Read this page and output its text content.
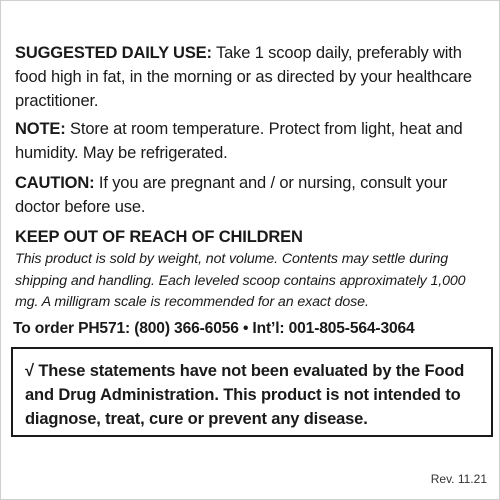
SUGGESTED DAILY USE: Take 1 scoop daily, preferably with food high in fat, in the morning or as directed by your healthcare practitioner.
NOTE: Store at room temperature. Protect from light, heat and humidity. May be refrigerated.
CAUTION: If you are pregnant and / or nursing, consult your doctor before use.
KEEP OUT OF REACH OF CHILDREN
This product is sold by weight, not volume. Contents may settle during shipping and handling. Each leveled scoop contains approximately 1,000 mg. A milligram scale is recommended for an exact dose.
To order PH571: (800) 366-6056 • Int’l: 001-805-564-3064
√ These statements have not been evaluated by the Food and Drug Administration. This product is not intended to diagnose, treat, cure or prevent any disease.
Rev. 11.21
